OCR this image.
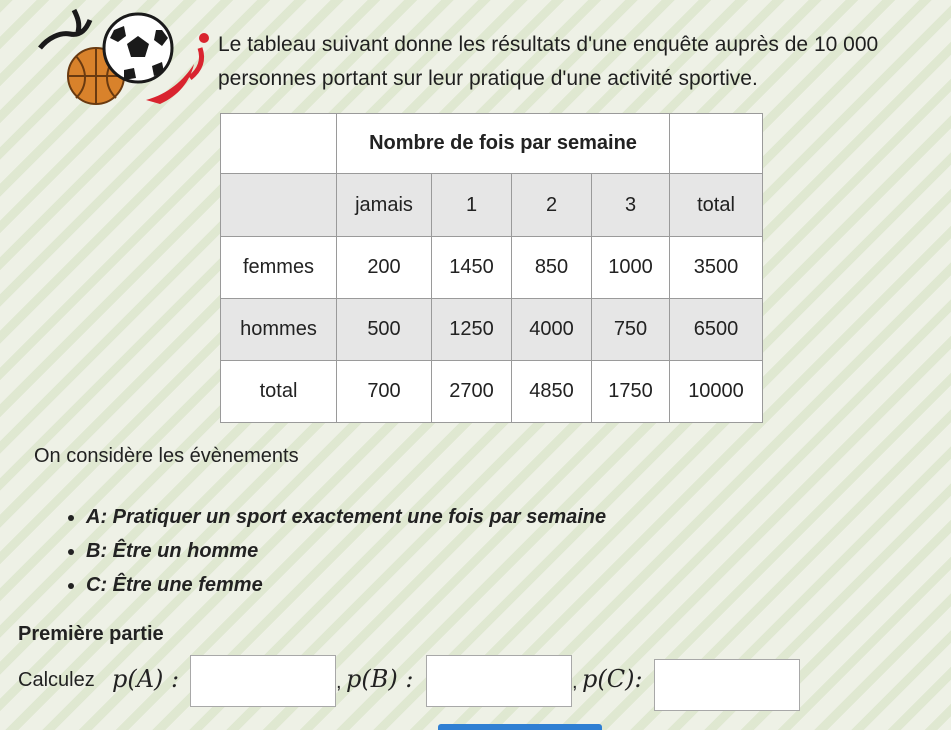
Le tableau suivant donne les résultats d'une enquête auprès de 10 000
personnes portant sur leur pratique d'une activité sportive.
	Nombre de fois par semaine				
	jamais	1	2	3	total
femmes	200	1450	850	1000	3500
hommes	500	1250	4000	750	6500
total	700	2700	4850	1750	10000
On considère les évènements
• A: Pratiquer un sport exactement une fois par semaine
• B: Être un homme
• C: Être une femme
Première partie
Calculez p(A) :	, p(B) :	, p(C):
